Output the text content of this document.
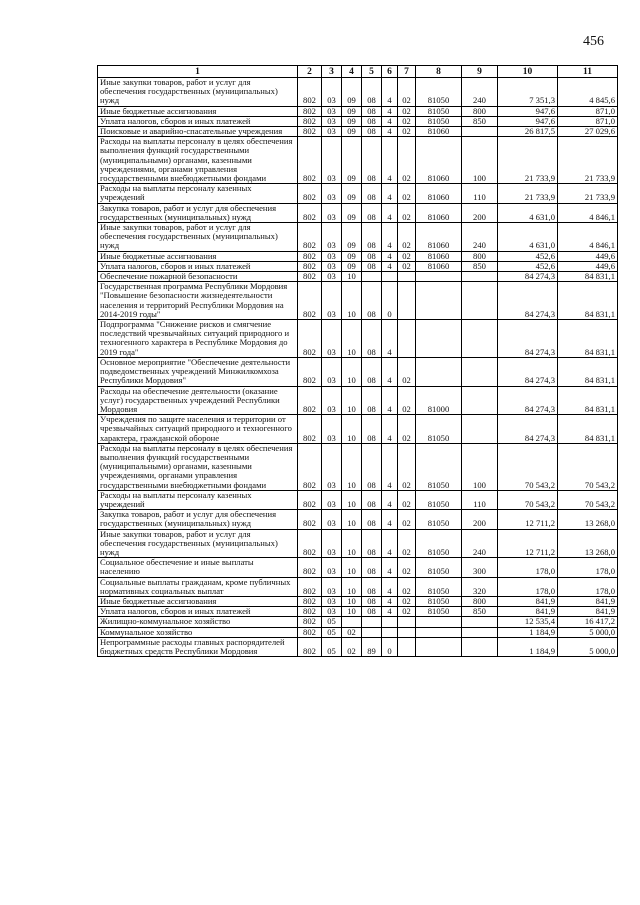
456
1	2	3	4	5	6	7	8	9	10	11
Иные закупки товаров, работ и услуг для обеспечения государственных (муниципальных) нужд	802	03	09	08	4	02	81050	240	7 351,3	4 845,6
Иные бюджетные ассигнования	802	03	09	08	4	02	81050	800	947,6	871,0
Уплата налогов, сборов и иных платежей	802	03	09	08	4	02	81050	850	947,6	871,0
Поисковые и аварийно-спасательные учреждения	802	03	09	08	4	02	81060		26 817,5	27 029,6
Расходы на выплаты персоналу в целях обеспечения выполнения функций государственными (муниципальными) органами, казенными учреждениями, органами управления государственными внебюджетными фондами	802	03	09	08	4	02	81060	100	21 733,9	21 733,9
Расходы на выплаты персоналу казенных учреждений	802	03	09	08	4	02	81060	110	21 733,9	21 733,9
Закупка товаров, работ и услуг для обеспечения государственных (муниципальных) нужд	802	03	09	08	4	02	81060	200	4 631,0	4 846,1
Иные закупки товаров, работ и услуг для обеспечения государственных (муниципальных) нужд	802	03	09	08	4	02	81060	240	4 631,0	4 846,1
Иные бюджетные ассигнования	802	03	09	08	4	02	81060	800	452,6	449,6
Уплата налогов, сборов и иных платежей	802	03	09	08	4	02	81060	850	452,6	449,6
Обеспечение пожарной безопасности	802	03	10						84 274,3	84 831,1
Государственная программа Республики Мордовия "Повышение безопасности жизнедеятельности населения и территорий Республики Мордовия на 2014-2019 годы"	802	03	10	08	0				84 274,3	84 831,1
Подпрограмма "Снижение рисков и смягчение последствий чрезвычайных ситуаций природного и техногенного характера в Республике Мордовия до 2019 года"	802	03	10	08	4				84 274,3	84 831,1
Основное мероприятие "Обеспечение деятельности подведомственных учреждений Минжилкомхоза Республики Мордовия"	802	03	10	08	4	02			84 274,3	84 831,1
Расходы на обеспечение деятельности (оказание услуг) государственных учреждений Республики Мордовия	802	03	10	08	4	02	81000		84 274,3	84 831,1
Учреждения по защите населения и территории от чрезвычайных ситуаций природного и техногенного характера, гражданской обороне	802	03	10	08	4	02	81050		84 274,3	84 831,1
Расходы на выплаты персоналу в целях обеспечения выполнения функций государственными (муниципальными) органами, казенными учреждениями, органами управления государственными внебюджетными фондами	802	03	10	08	4	02	81050	100	70 543,2	70 543,2
Расходы на выплаты персоналу казенных учреждений	802	03	10	08	4	02	81050	110	70 543,2	70 543,2
Закупка товаров, работ и услуг для обеспечения государственных (муниципальных) нужд	802	03	10	08	4	02	81050	200	12 711,2	13 268,0
Иные закупки товаров, работ и услуг для обеспечения государственных (муниципальных) нужд	802	03	10	08	4	02	81050	240	12 711,2	13 268,0
Социальное обеспечение и иные выплаты населению	802	03	10	08	4	02	81050	300	178,0	178,0
Социальные выплаты гражданам, кроме публичных нормативных социальных выплат	802	03	10	08	4	02	81050	320	178,0	178,0
Иные бюджетные ассигнования	802	03	10	08	4	02	81050	800	841,9	841,9
Уплата налогов, сборов и иных платежей	802	03	10	08	4	02	81050	850	841,9	841,9
Жилищно-коммунальное хозяйство	802	05							12 535,4	16 417,2
Коммунальное хозяйство	802	05	02						1 184,9	5 000,0
Непрограммные расходы главных распорядителей бюджетных средств Республики Мордовия	802	05	02	89	0				1 184,9	5 000,0
